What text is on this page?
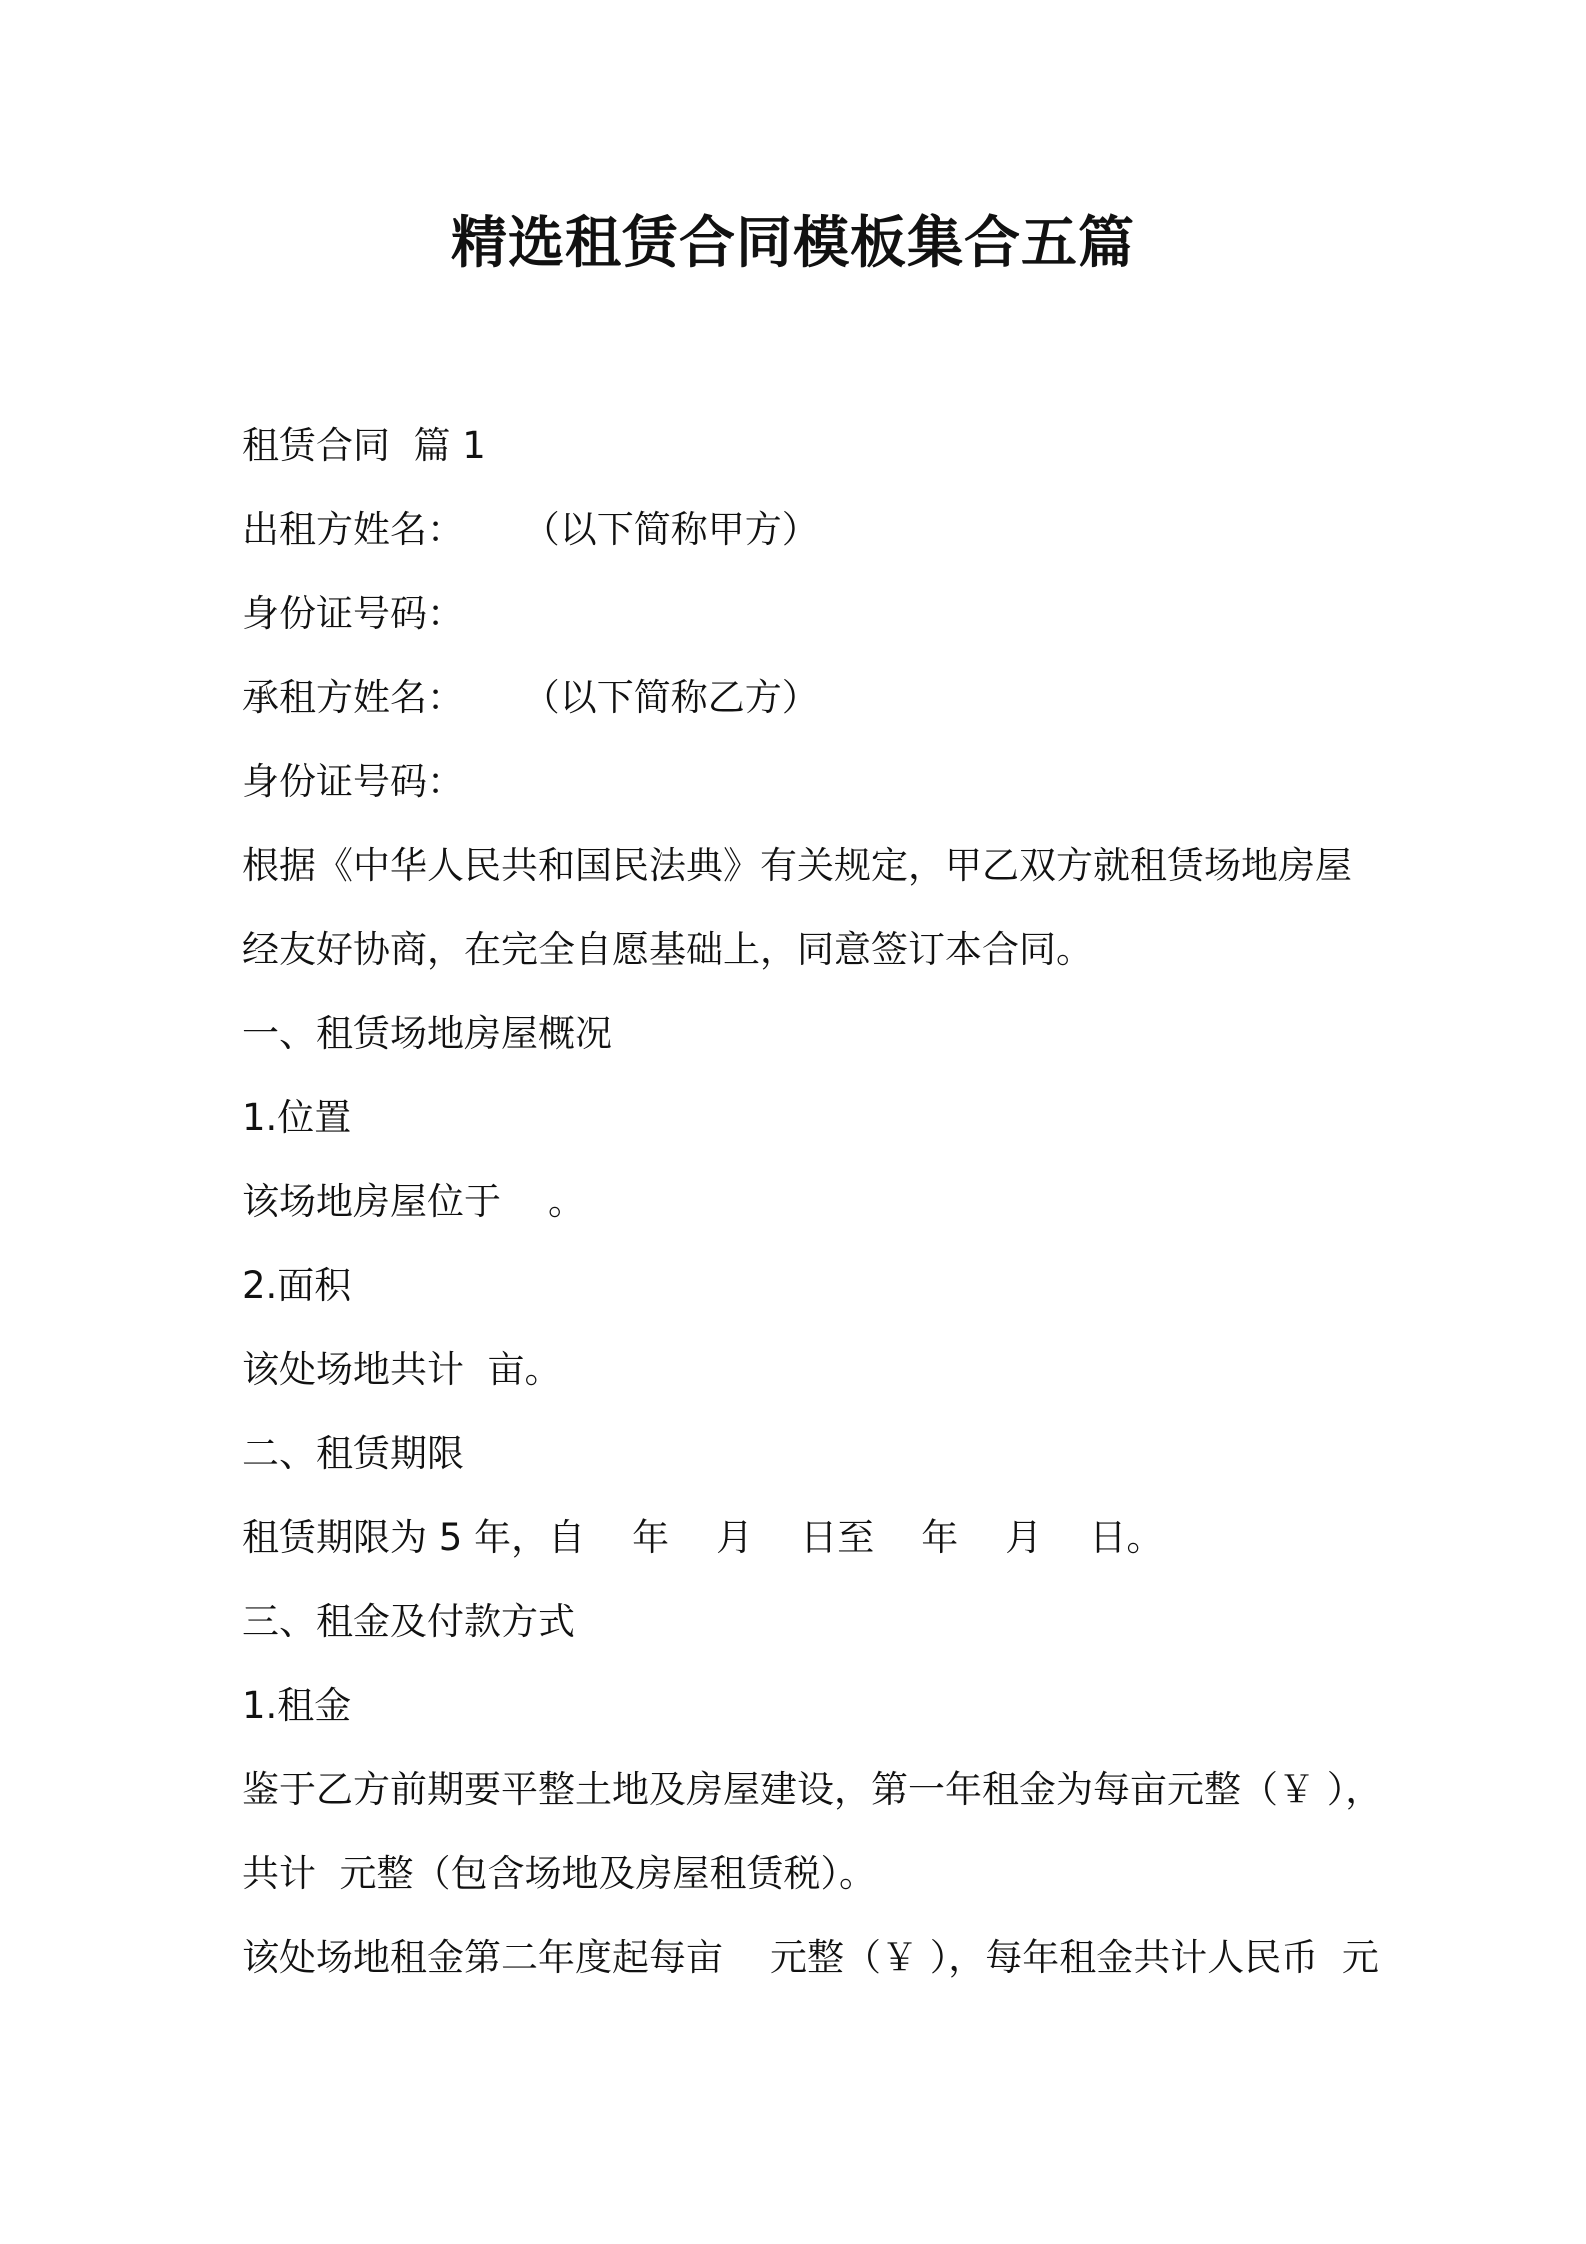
精选租赁合同模板集合五篇
租赁合同  篇 1
出租方姓名：     （以下简称甲方）
身份证号码：
承租方姓名：     （以下简称乙方）
身份证号码：
根据《中华人民共和国民法典》有关规定，甲乙双方就租赁场地房屋
经友好协商，在完全自愿基础上，同意签订本合同。
一、租赁场地房屋概况
1.位置
该场地房屋位于    。
2.面积
该处场地共计  亩。
二、租赁期限
租赁期限为 5 年，自    年    月    日至    年    月    日。
三、租金及付款方式
1.租金
鉴于乙方前期要平整土地及房屋建设，第一年租金为每亩元整（￥ ），
共计  元整（包含场地及房屋租赁税）。
该处场地租金第二年度起每亩    元整（￥ ），每年租金共计人民币  元
